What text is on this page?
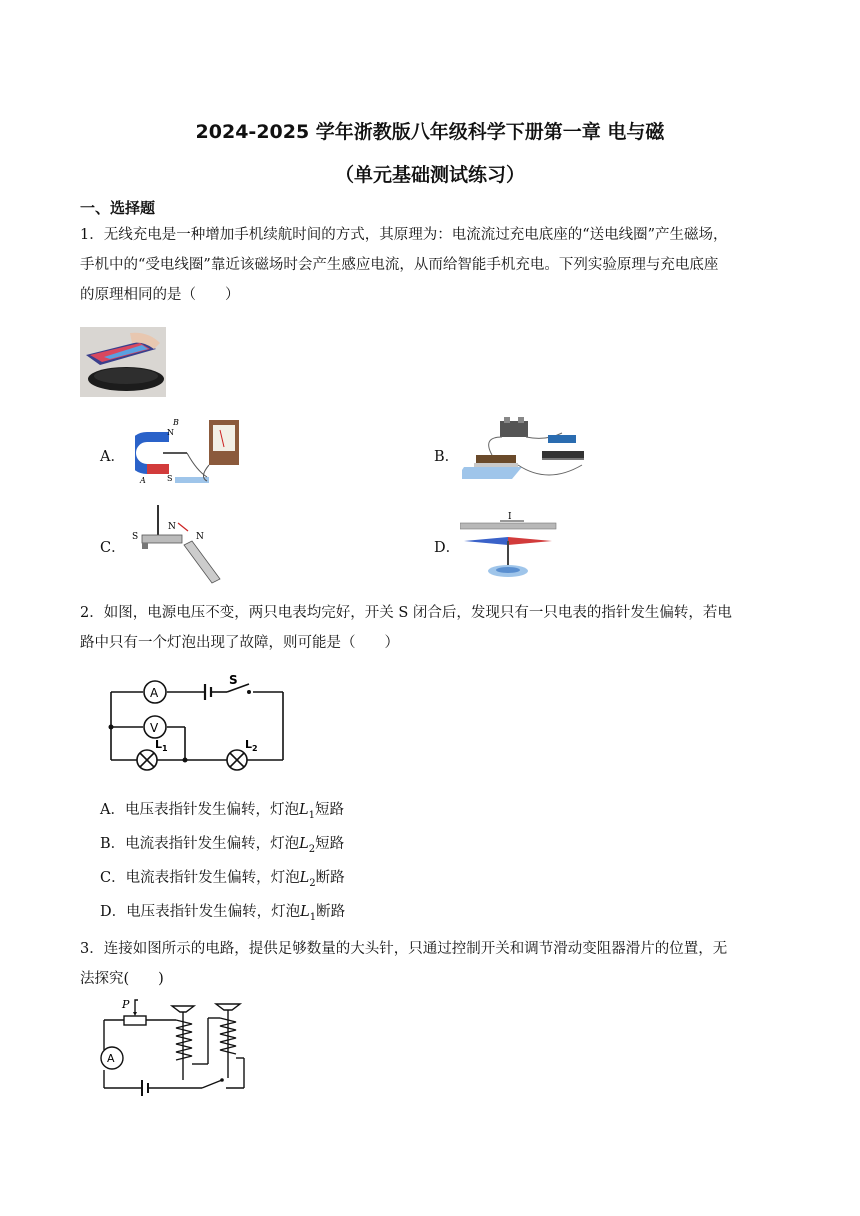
2024-2025 学年浙教版八年级科学下册第一章 电与磁
（单元基础测试练习）
一、选择题
1．无线充电是一种增加手机续航时间的方式，其原理为：电流流过充电底座的“送电线圈”产生磁场，
手机中的“受电线圈”靠近该磁场时会产生感应电流，从而给智能手机充电。下列实验原理与充电底座
的原理相同的是（　　）
A．
N
B
S
A
B．
C．
S
N
N
D．
I
2．如图，电源电压不变，两只电表均完好，开关 S 闭合后，发现只有一只电表的指针发生偏转，若电
路中只有一个灯泡出现了故障，则可能是（　　）
A
V
S
$L_1$	$L_2$
A．电压表指针发生偏转，灯泡$L_1$短路
B．电流表指针发生偏转，灯泡$L_2$短路
C．电流表指针发生偏转，灯泡$L_2$断路
D．电压表指针发生偏转，灯泡$L_1$断路
3．连接如图所示的电路，提供足够数量的大头针，只通过控制开关和调节滑动变阻器滑片的位置，无
法探究(　　)
P
A
